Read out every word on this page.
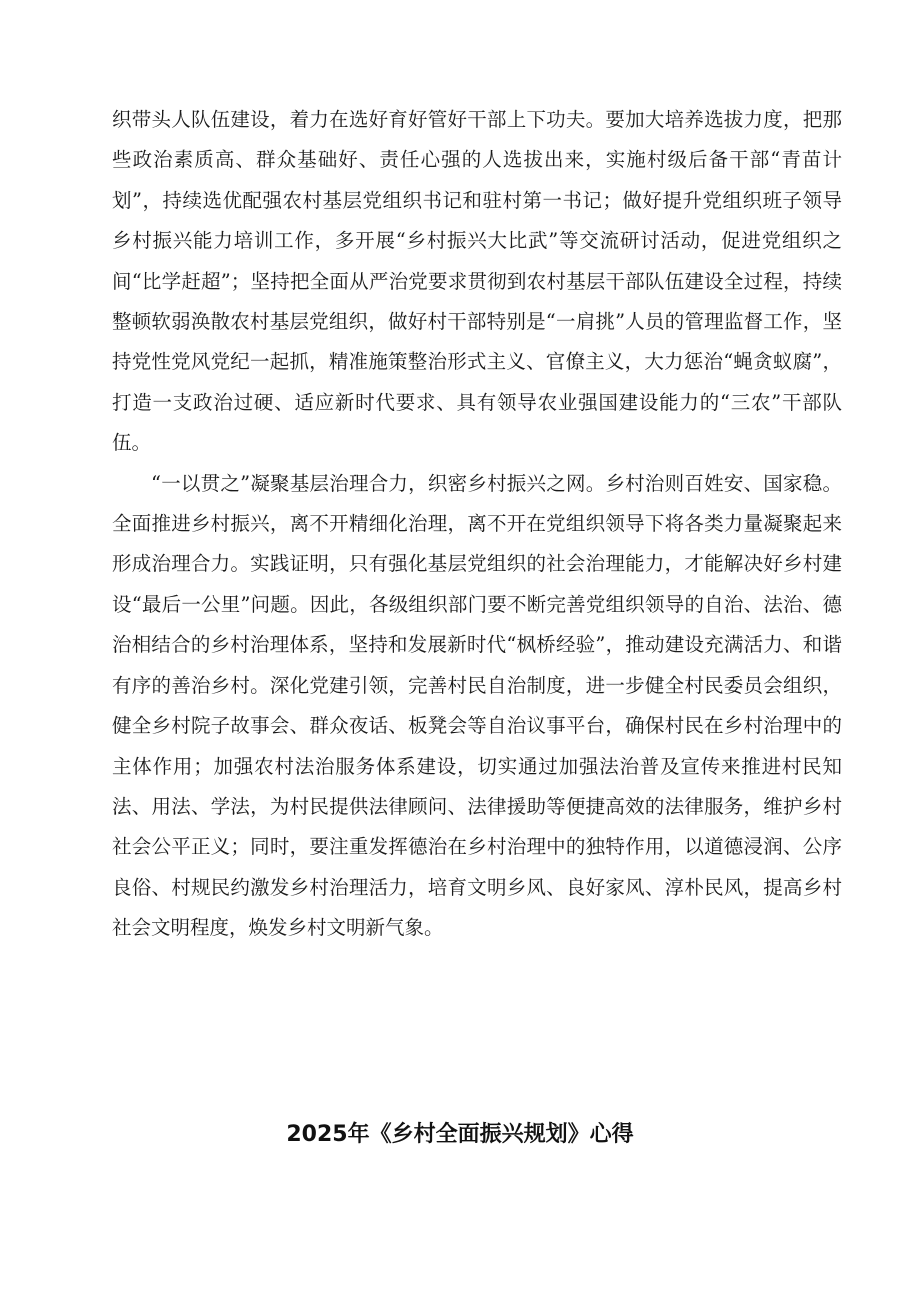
织带头人队伍建设，着力在选好育好管好干部上下功夫。要加大培养选拔力度，把那些政治素质高、群众基础好、责任心强的人选拔出来，实施村级后备干部“青苗计划”，持续选优配强农村基层党组织书记和驻村第一书记；做好提升党组织班子领导乡村振兴能力培训工作，多开展“乡村振兴大比武”等交流研讨活动，促进党组织之间“比学赶超”；坚持把全面从严治党要求贯彻到农村基层干部队伍建设全过程，持续整顿软弱涣散农村基层党组织，做好村干部特别是“一肩挑”人员的管理监督工作，坚持党性党风党纪一起抓，精准施策整治形式主义、官僚主义，大力惩治“蝇贪蚁腐”，打造一支政治过硬、适应新时代要求、具有领导农业强国建设能力的“三农”干部队伍。

“一以贯之”凝聚基层治理合力，织密乡村振兴之网。乡村治则百姓安、国家稳。全面推进乡村振兴，离不开精细化治理，离不开在党组织领导下将各类力量凝聚起来形成治理合力。实践证明，只有强化基层党组织的社会治理能力，才能解决好乡村建设“最后一公里”问题。因此，各级组织部门要不断完善党组织领导的自治、法治、德治相结合的乡村治理体系，坚持和发展新时代“枫桥经验”，推动建设充满活力、和谐有序的善治乡村。深化党建引领，完善村民自治制度，进一步健全村民委员会组织，健全乡村院子故事会、群众夜话、板凳会等自治议事平台，确保村民在乡村治理中的主体作用；加强农村法治服务体系建设，切实通过加强法治普及宣传来推进村民知法、用法、学法，为村民提供法律顾问、法律援助等便捷高效的法律服务，维护乡村社会公平正义；同时，要注重发挥德治在乡村治理中的独特作用，以道德浸润、公序良俗、村规民约激发乡村治理活力，培育文明乡风、良好家风、淳朴民风，提高乡村社会文明程度，焕发乡村文明新气象。

2025年《乡村全面振兴规划》心得
